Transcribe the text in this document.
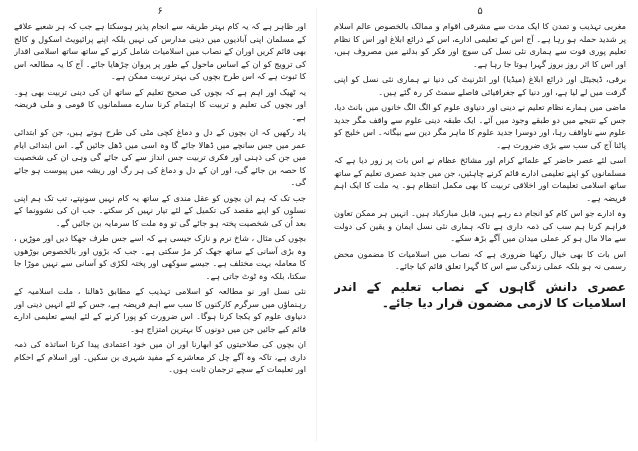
۶

اور ظاہر ہے کہ یہ کام بہتر طریقہ سے انجام پذیر ہوسکتا ہے جب کہ ہر شعبے علاقے کے مسلمان اپنی آبادیوں میں دینی مدارس کی نہیں بلکہ اپنے پرائیویٹ اسکول و کالج بھی قائم کریں اوران کے نصاب میں اسلامیات شامل کرنے کے ساتھ ساتھ اسلامی اقدار کی ترویج کو ان کے اساس ماحول کے طور پر پروان چڑھایا جائے۔ آج کا یہ مطالعہ اس کا ثبوت ہے کہ اس طرح بچوں کی بہتر تربیت ممکن ہے۔

یہ ٹھیک اور اہم ہے کہ بچوں کی صحیح تعلیم کے ساتھ ان کی دینی تربیت بھی ہو۔ اور بچوں کی تعلیم و تربیت کا اہتمام کرنا سارے مسلمانوں کا قومی و ملی فریضہ ہے۔

یاد رکھیں کہ ان بچوں کے دل و دماغ کچی مٹی کی طرح ہوتے ہیں، جن کو ابتدائی عمر میں جس سانچے میں ڈھالا جائے گا وہ اسی میں ڈھل جائیں گے۔ اس ابتدائی ایام میں جن کی ذہنی اور فکری تربیت جس انداز سے کی جائے گی وہی ان کی شخصیت کا حصہ بن جائے گی، اور ان کے دل و دماغ کی ہر رگ اور ریشہ میں پیوست ہو جائے گی۔

جب تک کہ ہم ان بچوں کو عقل مندی کے ساتھ یہ کام نہیں سونپتے، تب تک ہم اپنی نسلوں کو اپنے مقصد کی تکمیل کے لئے تیار نہیں کر سکتے۔ جب ان کی نشوونما کے بعد اُن کی شخصیت پختہ ہو جائے گی تو وہ ملت کا سرمایہ بن جائیں گے۔

بچوں کی مثال ، شاخ نرم و نازک جیسی ہے کہ اسے جس طرف جھکا دیں اور موڑیں ، وہ بڑی آسانی کے ساتھ جھک کر مڑ سکتی ہے۔ جب کہ بڑوں اور بالخصوص بوڑھوں کا معاملہ بہت مختلف ہے۔ جیسے سوکھی اور پختہ لکڑی کو آسانی سے نہیں موڑا جا سکتا، بلکہ وہ ٹوٹ جاتی ہے۔

نئی نسل اور نو مطالعہ کو اسلامی تہذیب کے مطابق ڈھالنا ، ملت اسلامیہ کے رہنماؤں میں سرگرم کارکنوں کا سب سے اہم فریضہ ہے، جس کے لئے انہیں دینی اور دنیاوی علوم کو یکجا کرنا ہوگا۔ اس ضرورت کو پورا کرنے کے لئے ایسے تعلیمی ادارے قائم کیے جائیں جن میں دونوں کا بہترین امتزاج ہو۔

ان بچوں کی صلاحیتوں کو ابھارنا اور ان میں خود اعتمادی پیدا کرنا اساتذہ کی ذمہ داری ہے، تاکہ وہ آگے چل کر معاشرے کے مفید شہری بن سکیں۔ اور اسلام کے احکام اور تعلیمات کے سچے ترجمان ثابت ہوں۔

۵

مغربی تہذیب و تمدن کا ایک مدت سے مشرقی اقوام و ممالک بالخصوص عالم اسلام پر شدید حملہ ہو رہا ہے۔ آج اس کے تعلیمی ادارے، اس کے ذرائع ابلاغ اور اس کا نظام تعلیم پوری قوت سے ہماری نئی نسل کی سوچ اور فکر کو بدلنے میں مصروف ہیں، اور اس کا اثر روز بروز گہرا ہوتا جا رہا ہے۔

برقی، ڈیجیٹل اور ذرائع ابلاغ (میڈیا) اور انٹرنیٹ کی دنیا نے ہماری نئی نسل کو اپنی گرفت میں لے لیا ہے، اور دنیا کے جغرافیائی فاصلے سمٹ کر رہ گئے ہیں۔

ماضی میں ہمارے نظام تعلیم نے دینی اور دنیاوی علوم کو الگ الگ خانوں میں بانٹ دیا، جس کے نتیجے میں دو طبقے وجود میں آئے۔ ایک طبقہ دینی علوم سے واقف مگر جدید علوم سے ناواقف رہا، اور دوسرا جدید علوم کا ماہر مگر دین سے بیگانہ۔ اس خلیج کو پاٹنا آج کی سب سے بڑی ضرورت ہے۔

اسی لئے عصر حاضر کے علمائے کرام اور مشائخ عظام نے اس بات پر زور دیا ہے کہ مسلمانوں کو اپنے تعلیمی ادارے قائم کرنے چاہئیں، جن میں جدید عصری تعلیم کے ساتھ ساتھ اسلامی تعلیمات اور اخلاقی تربیت کا بھی مکمل انتظام ہو۔ یہ ملت کا ایک اہم فریضہ ہے۔

وہ ادارے جو اس کام کو انجام دے رہے ہیں، قابل مبارکباد ہیں۔ انہیں ہر ممکن تعاون فراہم کرنا ہم سب کی ذمہ داری ہے تاکہ ہماری نئی نسل ایمان و یقین کی دولت سے مالا مال ہو کر عملی میدان میں آگے بڑھ سکے۔

اس بات کا بھی خیال رکھنا ضروری ہے کہ نصاب میں اسلامیات کا مضمون محض رسمی نہ ہو بلکہ عملی زندگی سے اس کا گہرا تعلق قائم کیا جائے۔

عصری دانش گاہوں کے نصاب تعلیم کے اندر اسلامیات کا لازمی مضمون قرار دیا جائے۔
